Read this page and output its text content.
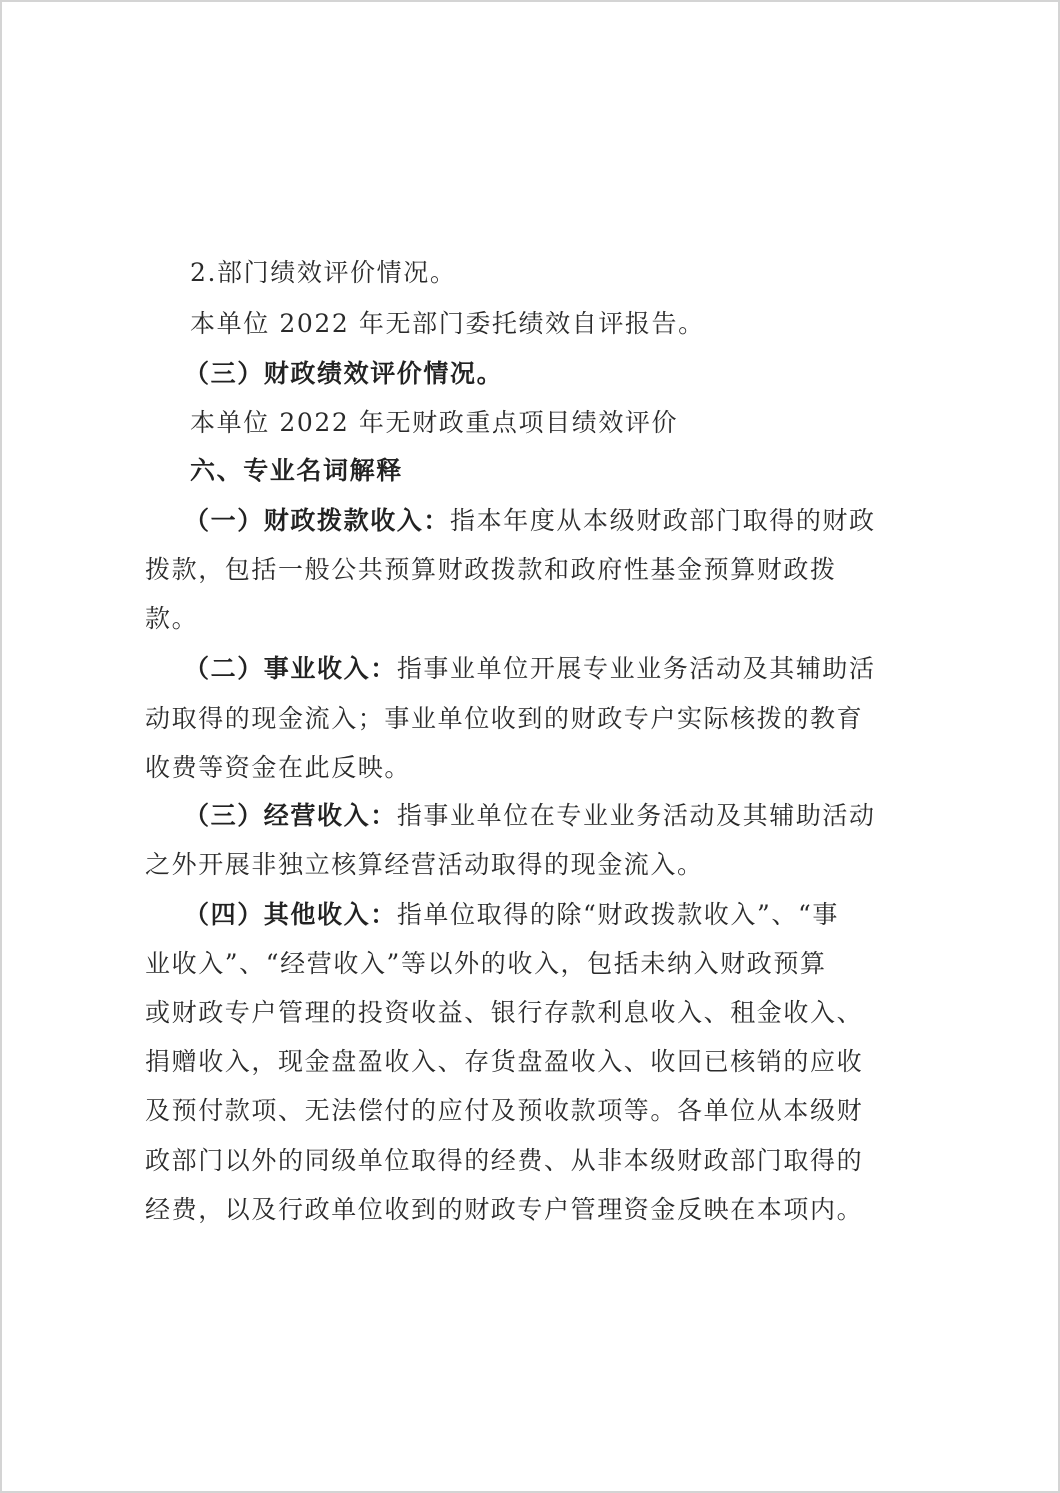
2.部门绩效评价情况。
本单位 2022 年无部门委托绩效自评报告。
（三）财政绩效评价情况。
本单位 2022 年无财政重点项目绩效评价
六、专业名词解释
（一）财政拨款收入：指本年度从本级财政部门取得的财政
拨款，包括一般公共预算财政拨款和政府性基金预算财政拨
款。
（二）事业收入：指事业单位开展专业业务活动及其辅助活
动取得的现金流入；事业单位收到的财政专户实际核拨的教育
收费等资金在此反映。
（三）经营收入：指事业单位在专业业务活动及其辅助活动
之外开展非独立核算经营活动取得的现金流入。
（四）其他收入：指单位取得的除“财政拨款收入”、“事
业收入”、“经营收入”等以外的收入，包括未纳入财政预算
或财政专户管理的投资收益、银行存款利息收入、租金收入、
捐赠收入，现金盘盈收入、存货盘盈收入、收回已核销的应收
及预付款项、无法偿付的应付及预收款项等。各单位从本级财
政部门以外的同级单位取得的经费、从非本级财政部门取得的
经费，以及行政单位收到的财政专户管理资金反映在本项内。
